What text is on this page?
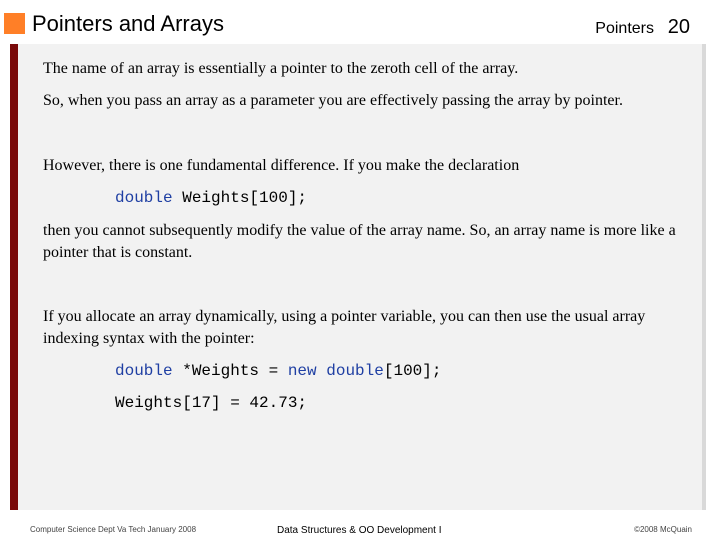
Pointers and Arrays	Pointers 20
The name of an array is essentially a pointer to the zeroth cell of the array.
So, when you pass an array as a parameter you are effectively passing the array by pointer.
However, there is one fundamental difference. If you make the declaration
double Weights[100];
then you cannot subsequently modify the value of the array name. So, an array name is more like a pointer that is constant.
If you allocate an array dynamically, using a pointer variable, you can then use the usual array indexing syntax with the pointer:
double *Weights = new double[100];
Weights[17] = 42.73;
Computer Science Dept Va Tech January 2008	Data Structures & OO Development I	©2008 McQuain
